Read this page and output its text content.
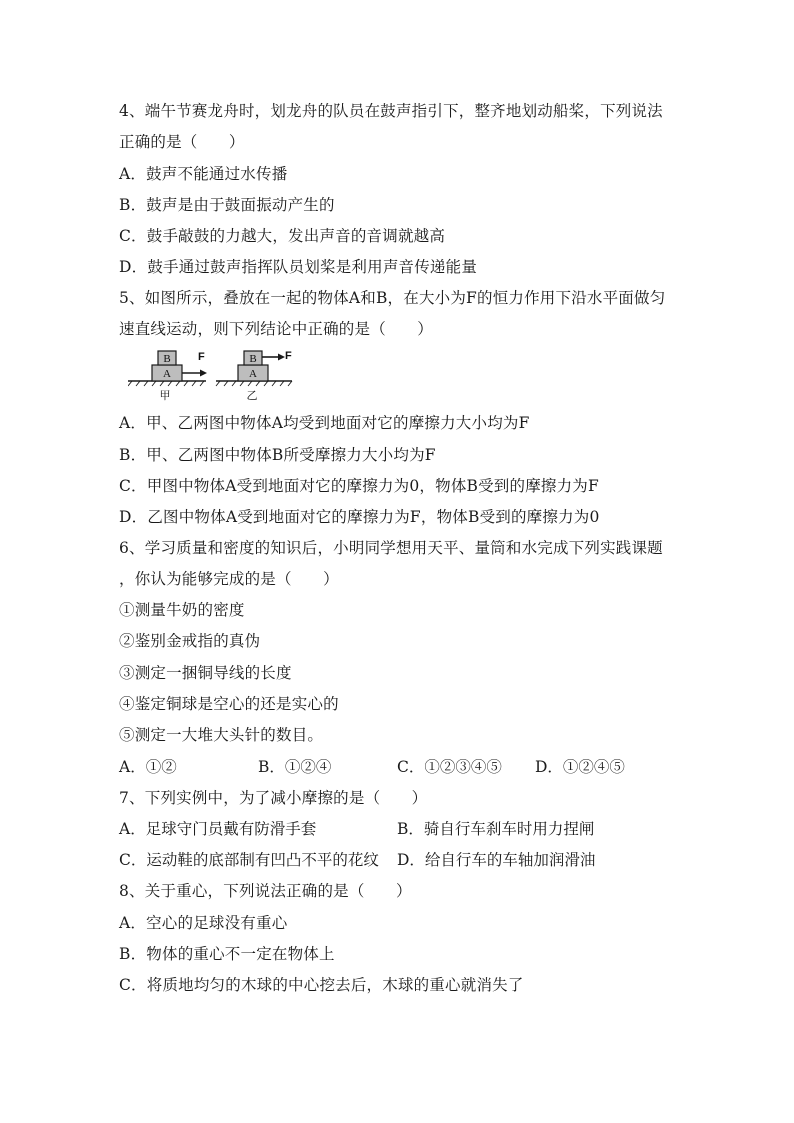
4、端午节赛龙舟时，划龙舟的队员在鼓声指引下，整齐地划动船桨，下列说法
正确的是（　　）
A．鼓声不能通过水传播
B．鼓声是由于鼓面振动产生的
C．鼓手敲鼓的力越大，发出声音的音调就越高
D．鼓手通过鼓声指挥队员划桨是利用声音传递能量
5、如图所示，叠放在一起的物体A和B，在大小为F的恒力作用下沿水平面做匀
速直线运动，则下列结论中正确的是（　　）
A
B F
甲
A
B	F
乙
A．甲、乙两图中物体A均受到地面对它的摩擦力大小均为F
B．甲、乙两图中物体B所受摩擦力大小均为F
C．甲图中物体A受到地面对它的摩擦力为0，物体B受到的摩擦力为F
D．乙图中物体A受到地面对它的摩擦力为F，物体B受到的摩擦力为0
6、学习质量和密度的知识后，小明同学想用天平、量筒和水完成下列实践课题
，你认为能够完成的是（　　）
①测量牛奶的密度
②鉴别金戒指的真伪
③测定一捆铜导线的长度
④鉴定铜球是空心的还是实心的
⑤测定一大堆大头针的数目。
A．①②	B．①②④	C．①②③④⑤ D．①②④⑤
7、下列实例中，为了减小摩擦的是（　　）
A．足球守门员戴有防滑手套	B．骑自行车刹车时用力捏闸
C．运动鞋的底部制有凹凸不平的花纹 D．给自行车的车轴加润滑油
8、关于重心，下列说法正确的是（　　）
A．空心的足球没有重心
B．物体的重心不一定在物体上
C．将质地均匀的木球的中心挖去后，木球的重心就消失了
